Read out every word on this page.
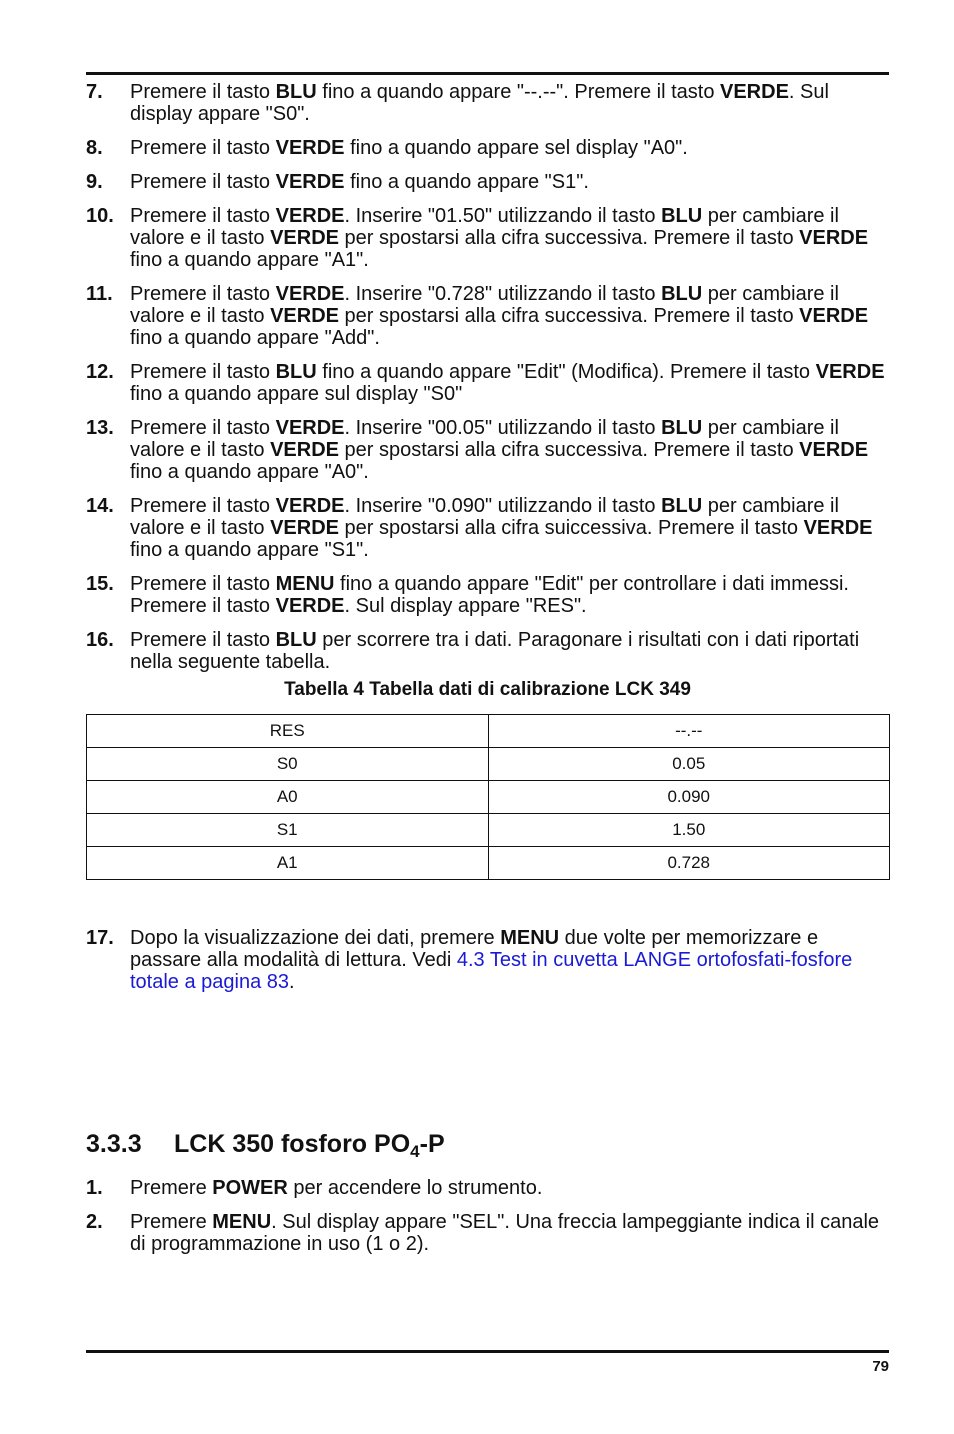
7. Premere il tasto BLU fino a quando appare "--.--". Premere il tasto VERDE. Sul display appare "S0".
8. Premere il tasto VERDE fino a quando appare sel display "A0".
9. Premere il tasto VERDE fino a quando appare "S1".
10. Premere il tasto VERDE. Inserire "01.50" utilizzando il tasto BLU per cambiare il valore e il tasto VERDE per spostarsi alla cifra successiva. Premere il tasto VERDE fino a quando appare "A1".
11. Premere il tasto VERDE. Inserire "0.728" utilizzando il tasto BLU per cambiare il valore e il tasto VERDE per spostarsi alla cifra successiva. Premere il tasto VERDE fino a quando appare "Add".
12. Premere il tasto BLU fino a quando appare "Edit" (Modifica). Premere il tasto VERDE fino a quando appare sul display "S0"
13. Premere il tasto VERDE. Inserire "00.05" utilizzando il tasto BLU per cambiare il valore e il tasto VERDE per spostarsi alla cifra successiva. Premere il tasto VERDE fino a quando appare "A0".
14. Premere il tasto VERDE. Inserire "0.090" utilizzando il tasto BLU per cambiare il valore e il tasto VERDE per spostarsi alla cifra suiccessiva. Premere il tasto VERDE fino a quando appare "S1".
15. Premere il tasto MENU fino a quando appare "Edit" per controllare i dati immessi. Premere il tasto VERDE. Sul display appare "RES".
16. Premere il tasto BLU per scorrere tra i dati. Paragonare i risultati con i dati riportati nella seguente tabella.
Tabella 4 Tabella dati di calibrazione LCK 349
RES	--.--
S0	0.05
A0	0.090
S1	1.50
A1	0.728
17. Dopo la visualizzazione dei dati, premere MENU due volte per memorizzare e passare alla modalità di lettura. Vedi 4.3 Test in cuvetta LANGE ortofosfati-fosfore totale a pagina 83.
3.3.3 LCK 350 fosforo $PO_4-P$
1. Premere POWER per accendere lo strumento.
2. Premere MENU. Sul display appare "SEL". Una freccia lampeggiante indica il canale di programmazione in uso (1 o 2).
79
